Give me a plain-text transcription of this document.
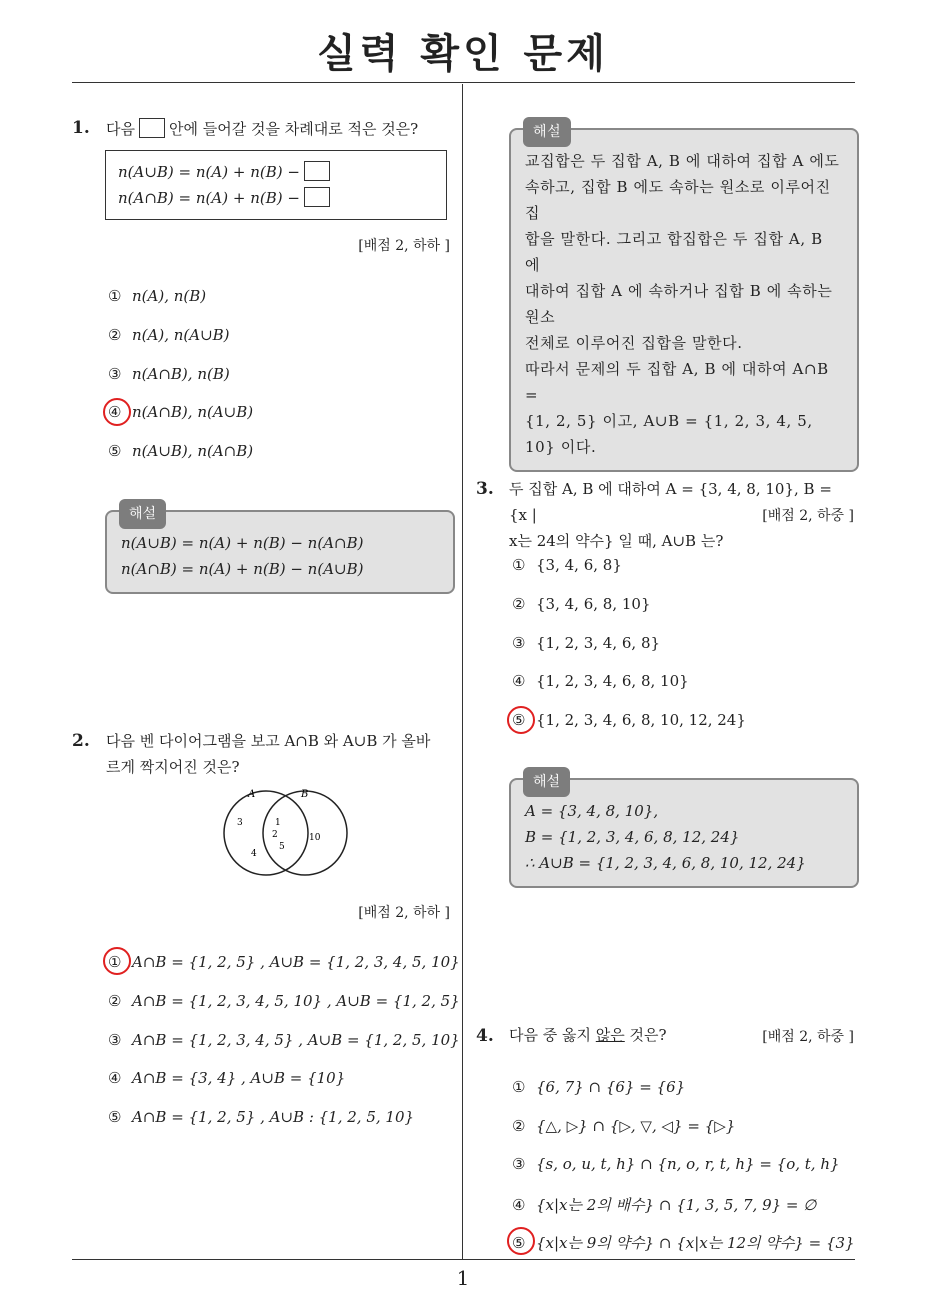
실력 확인 문제
1. 다음 안에 들어갈 것을 차례대로 적은 것은?
n(A∪B) = n(A) + n(B) −
n(A∩B) = n(A) + n(B) −
[배점 2, 하하 ]
① n(A), n(B)
② n(A), n(A∪B)
③ n(A∩B), n(B)
④ n(A∩B), n(A∪B)
⑤ n(A∪B), n(A∩B)
해설
n(A∪B) = n(A) + n(B) − n(A∩B)
n(A∩B) = n(A) + n(B) − n(A∪B)
2. 다음 벤 다이어그램을 보고 A∩B 와 A∪B 가 올바
르게 짝지어진 것은?
A	B
3
4
1
2
5
10
[배점 2, 하하 ]
① A∩B = {1, 2, 5} , A∪B = {1, 2, 3, 4, 5, 10}
② A∩B = {1, 2, 3, 4, 5, 10} , A∪B = {1, 2, 5}
③ A∩B = {1, 2, 3, 4, 5} , A∪B = {1, 2, 5, 10}
④ A∩B = {3, 4} , A∪B = {10}
⑤ A∩B = {1, 2, 5} , A∪B : {1, 2, 5, 10}
해설
교집합은 두 집합 A, B 에 대하여 집합 A 에도
속하고, 집합 B 에도 속하는 원소로 이루어진 집
합을 말한다. 그리고 합집합은 두 집합 A, B 에
대하여 집합 A 에 속하거나 집합 B 에 속하는 원소
전체로 이루어진 집합을 말한다.
따라서 문제의 두 집합 A, B 에 대하여 A∩B =
{1, 2, 5} 이고, A∪B = {1, 2, 3, 4, 5, 10} 이다.
3. 두 집합 A, B 에 대하여 A = {3, 4, 8, 10}, B = {x |
x는 24의 약수} 일 때, A∪B 는?
[배점 2, 하중 ]
① {3, 4, 6, 8}
② {3, 4, 6, 8, 10}
③ {1, 2, 3, 4, 6, 8}
④ {1, 2, 3, 4, 6, 8, 10}
⑤ {1, 2, 3, 4, 6, 8, 10, 12, 24}
해설
A = {3, 4, 8, 10},
B = {1, 2, 3, 4, 6, 8, 12, 24}
∴ A∪B = {1, 2, 3, 4, 6, 8, 10, 12, 24}
4. 다음 중 옳지 않은 것은?	[배점 2, 하중 ]
① {6, 7} ∩ {6} = {6}
② {△, ▷} ∩ {▷, ▽, ◁} = {▷}
③ {s, o, u, t, h} ∩ {n, o, r, t, h} = {o, t, h}
④ {x|x는 2의 배수} ∩ {1, 3, 5, 7, 9} = ∅
⑤ {x|x는 9의 약수} ∩ {x|x는 12의 약수} = {3}
1
